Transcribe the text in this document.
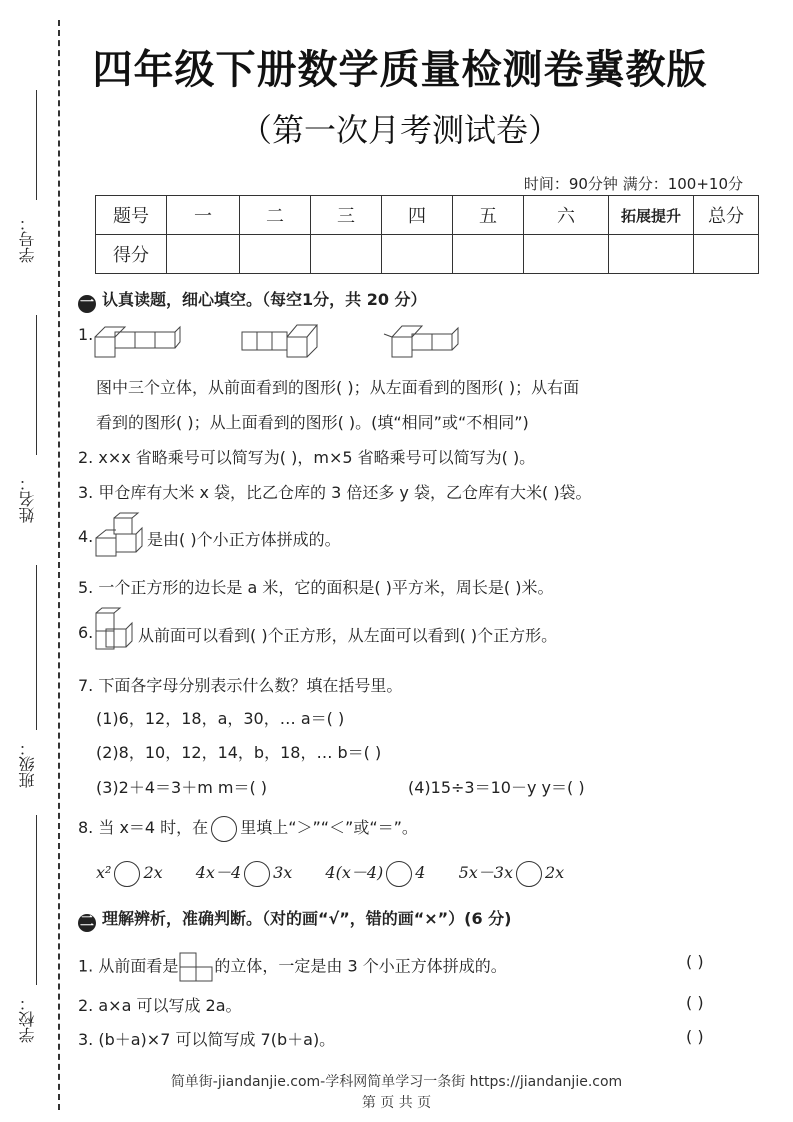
学号：
姓名：
班级：
学校：
四年级下册数学质量检测卷冀教版
（第一次月考测试卷）
时间：90分钟 满分：100+10分
题号	一	二	三	四	五	六	拓展提升	总分
得分								
一 认真读题，细心填空。（每空1分，共 20 分）
1.
图中三个立体，从前面看到的图形( )；从左面看到的图形( )；从右面
看到的图形( )；从上面看到的图形( )。(填“相同”或“不相同”)
2. x×x 省略乘号可以简写为( )，m×5 省略乘号可以简写为( )。
3. 甲仓库有大米 x 袋，比乙仓库的 3 倍还多 y 袋，乙仓库有大米( )袋。
4.	是由( )个小正方体拼成的。
5. 一个正方形的边长是 a 米，它的面积是( )平方米，周长是( )米。
6.	从前面可以看到( )个正方形，从左面可以看到( )个正方形。
7. 下面各字母分别表示什么数？填在括号里。
(1)6，12，18，a，30，… a＝( )
(2)8，10，12，14，b，18，… b＝( )
(3)2＋4＝3＋m m＝( )	(4)15÷3＝10－y y＝( )
8. 当 x＝4 时，在 里填上“＞”“＜”或“＝”。
x² 2x 4x－4 3x 4(x－4) 4 5x－3x 2x
二 理解辨析，准确判断。（对的画“√”，错的画“×”）(6 分)
1. 从前面看是 的立体，一定是由 3 个小正方体拼成的。	( )
2. a×a 可以写成 2a。	( )
3. (b＋a)×7 可以简写成 7(b＋a)。	( )
简单街-jiandanjie.com-学科网简单学习一条街 https://jiandanjie.com
第 页 共 页
